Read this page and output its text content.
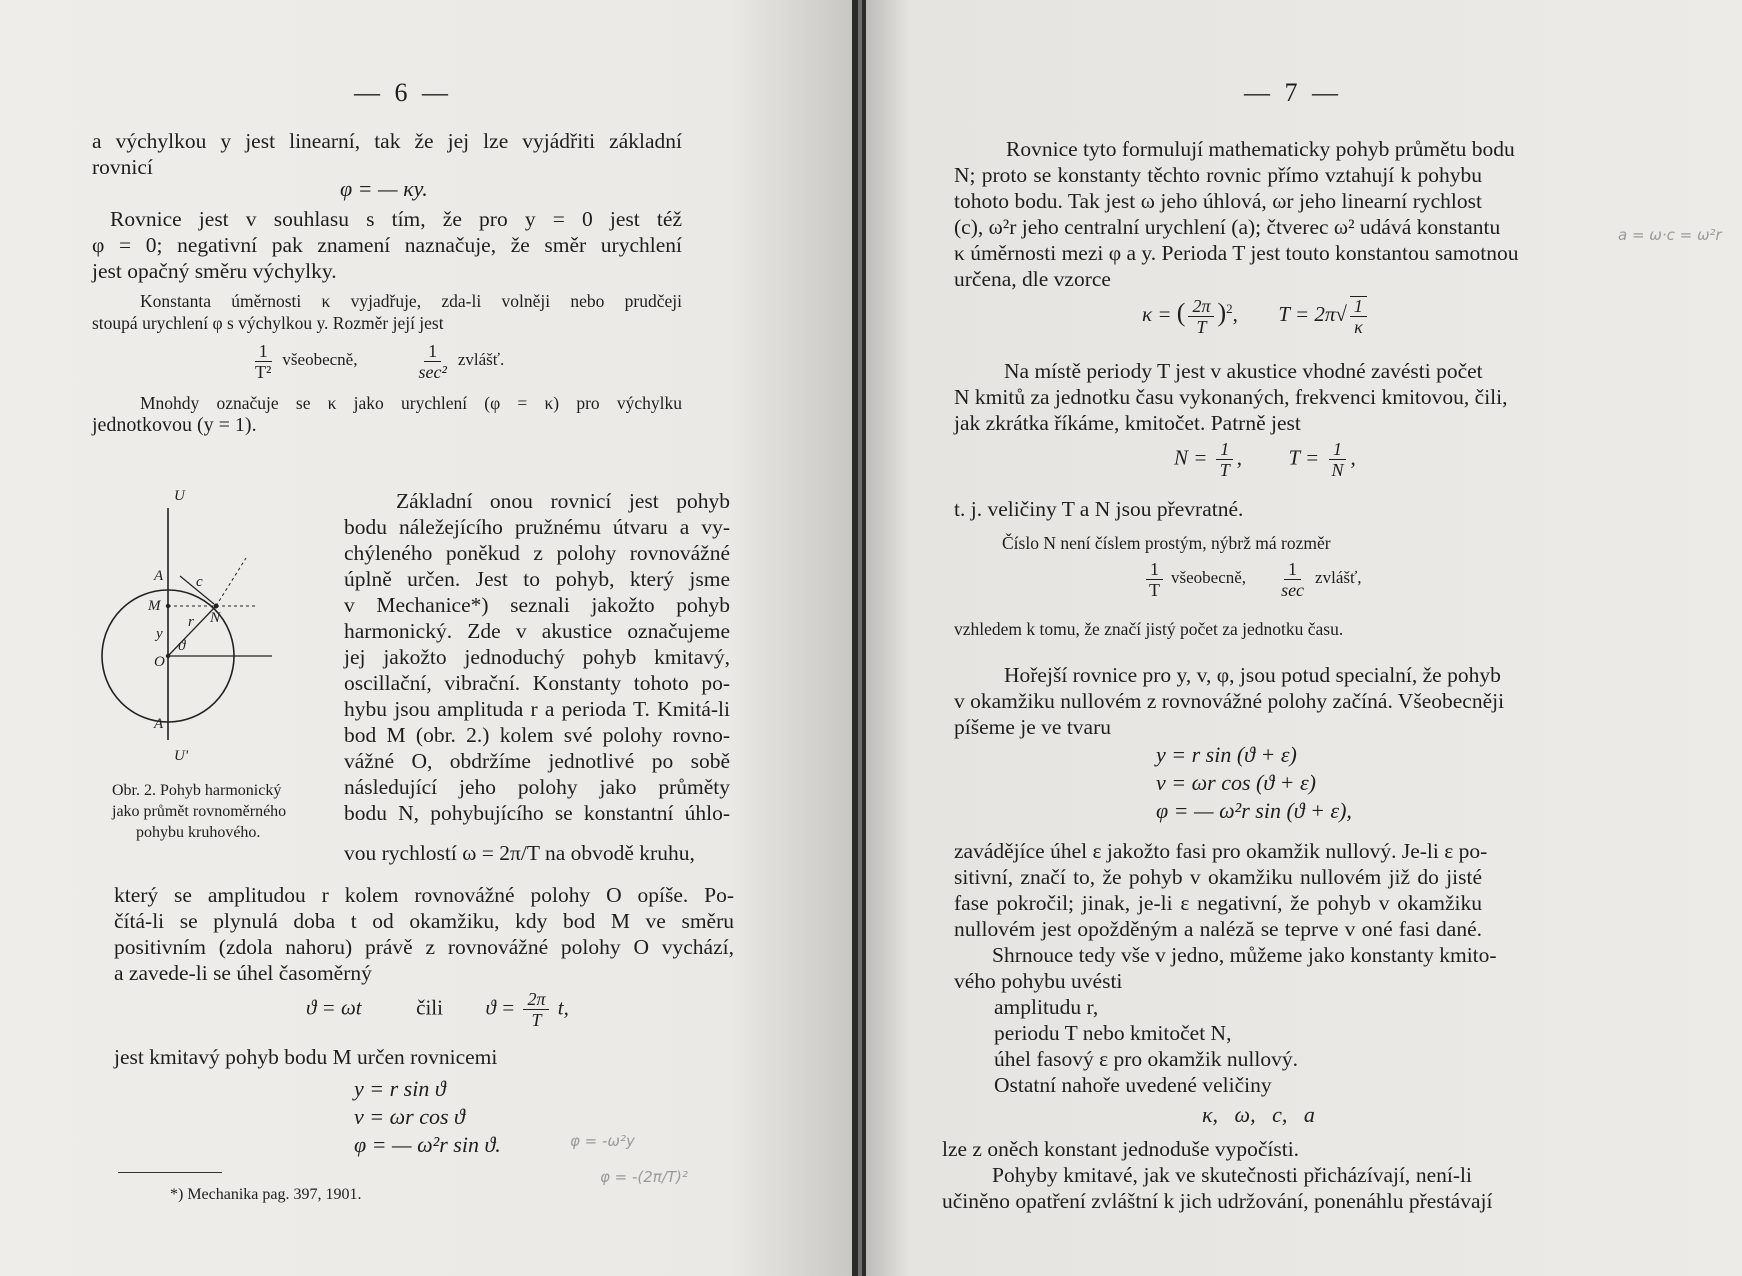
— 6 —
a výchylkou y jest linearní, tak že jej lze vyjádřiti základní
rovnicí
φ = — κy.
Rovnice jest v souhlasu s tím, že pro y = 0 jest též
φ = 0; negativní pak znamení naznačuje, že směr urychlení
jest opačný směru výchylky.
Konstanta úměrnosti κ vyjadřuje, zda-li volněji nebo prudčeji
stoupá urychlení φ s výchylkou y. Rozměr její jest
$\frac{1}{\text{T²}}$ všeobecně,	$\frac{1}{\text{sec²}}$ zvlášť.
Mnohdy označuje se κ jako urychlení (φ = κ) pro výchylku
jednotkovou (y = 1).
U
A c
M
r N
y
ϑ
O
A
U'
Obr. 2. Pohyb harmonický
jako průmět rovnoměrného
pohybu kruhového.
Základní onou rovnicí jest pohyb
bodu náležejícího pružnému útvaru a vy-
chýleného poněkud z polohy rovnovážné
úplně určen. Jest to pohyb, který jsme
v Mechanice*) seznali jakožto pohyb
harmonický. Zde v akustice označujeme
jej jakožto jednoduchý pohyb kmitavý,
oscillační, vibrační. Konstanty tohoto po-
hybu jsou amplituda r a perioda T. Kmitá-li
bod M (obr. 2.) kolem své polohy rovno-
vážné O, obdržíme jednotlivé po sobě
následující jeho polohy jako průměty
bodu N, pohybujícího se konstantní úhlo-
vou rychlostí ω = 2π/T na obvodě kruhu,
který se amplitudou r kolem rovnovážné polohy O opíše. Po-
čítá-li se plynulá doba t od okamžiku, kdy bod M ve směru
positivním (zdola nahoru) právě z rovnovážné polohy O vychází,
a zavede-li se úhel časoměrný
ϑ = ωt	čili $ϑ = \frac{2\pi}{T} t$,
jest kmitavý pohyb bodu M určen rovnicemi
y = r sin ϑ
v = ωr cos ϑ
φ = — ω²r sin ϑ.	φ = -ω²y
φ = -(2π/T)²
*) Mechanika pag. 397, 1901.
— 7 —
Rovnice tyto formulují mathematicky pohyb průmětu bodu
N; proto se konstanty těchto rovnic přímo vztahují k pohybu
tohoto bodu. Tak jest ω jeho úhlová, ωr jeho linearní rychlost
(c), ω²r jeho centralní urychlení (a); čtverec ω² udává konstantu
κ úměrnosti mezi φ a y. Perioda T jest touto konstantou samotnou
určena, dle vzorce
a = ω·c = ω²r
κ = ( $\frac{2\pi}{T} )^2$,  $T = 2\pi√ \frac{1}{\kappa}$
Na místě periody T jest v akustice vhodné zavésti počet
N kmitů za jednotku času vykonaných, frekvenci kmitovou, čili,
jak zkrátka říkáme, kmitočet. Patrně jest
$N = \frac{1}{T}$ ,  $T = \frac{1}{N}$ ,
t. j. veličiny T a N jsou převratné.
Číslo N není číslem prostým, nýbrž má rozměr
$\frac{1}{T}$ všeobecně, $\frac{1}{\sec}$ zvlášť,
vzhledem k tomu, že značí jistý počet za jednotku času.
Hořejší rovnice pro y, v, φ, jsou potud specialní, že pohyb
v okamžiku nullovém z rovnovážné polohy začíná. Všeobecněji
píšeme je ve tvaru
y = r sin (ϑ + ε)
v = ωr cos (ϑ + ε)
φ = — ω²r sin (ϑ + ε),
zavádějíce úhel ε jakožto fasi pro okamžik nullový. Je-li ε po-
sitivní, značí to, že pohyb v okamžiku nullovém již do jisté
fase pokročil; jinak, je-li ε negativní, že pohyb v okamžiku
nullovém jest opožděným a naléză se teprve v oné fasi dané.
Shrnouce tedy vše v jedno, můžeme jako konstanty kmito-
vého pohybu uvésti
amplitudu r,
periodu T nebo kmitočet N,
úhel fasový ε pro okamžik nullový.
Ostatní nahoře uvedené veličiny
κ,   ω,   c,   a
lze z oněch konstant jednoduše vypočísti.
Pohyby kmitavé, jak ve skutečnosti přicházívají, není-li
učiněno opatření zvláštní k jich udržování, ponenáhlu přestávají
